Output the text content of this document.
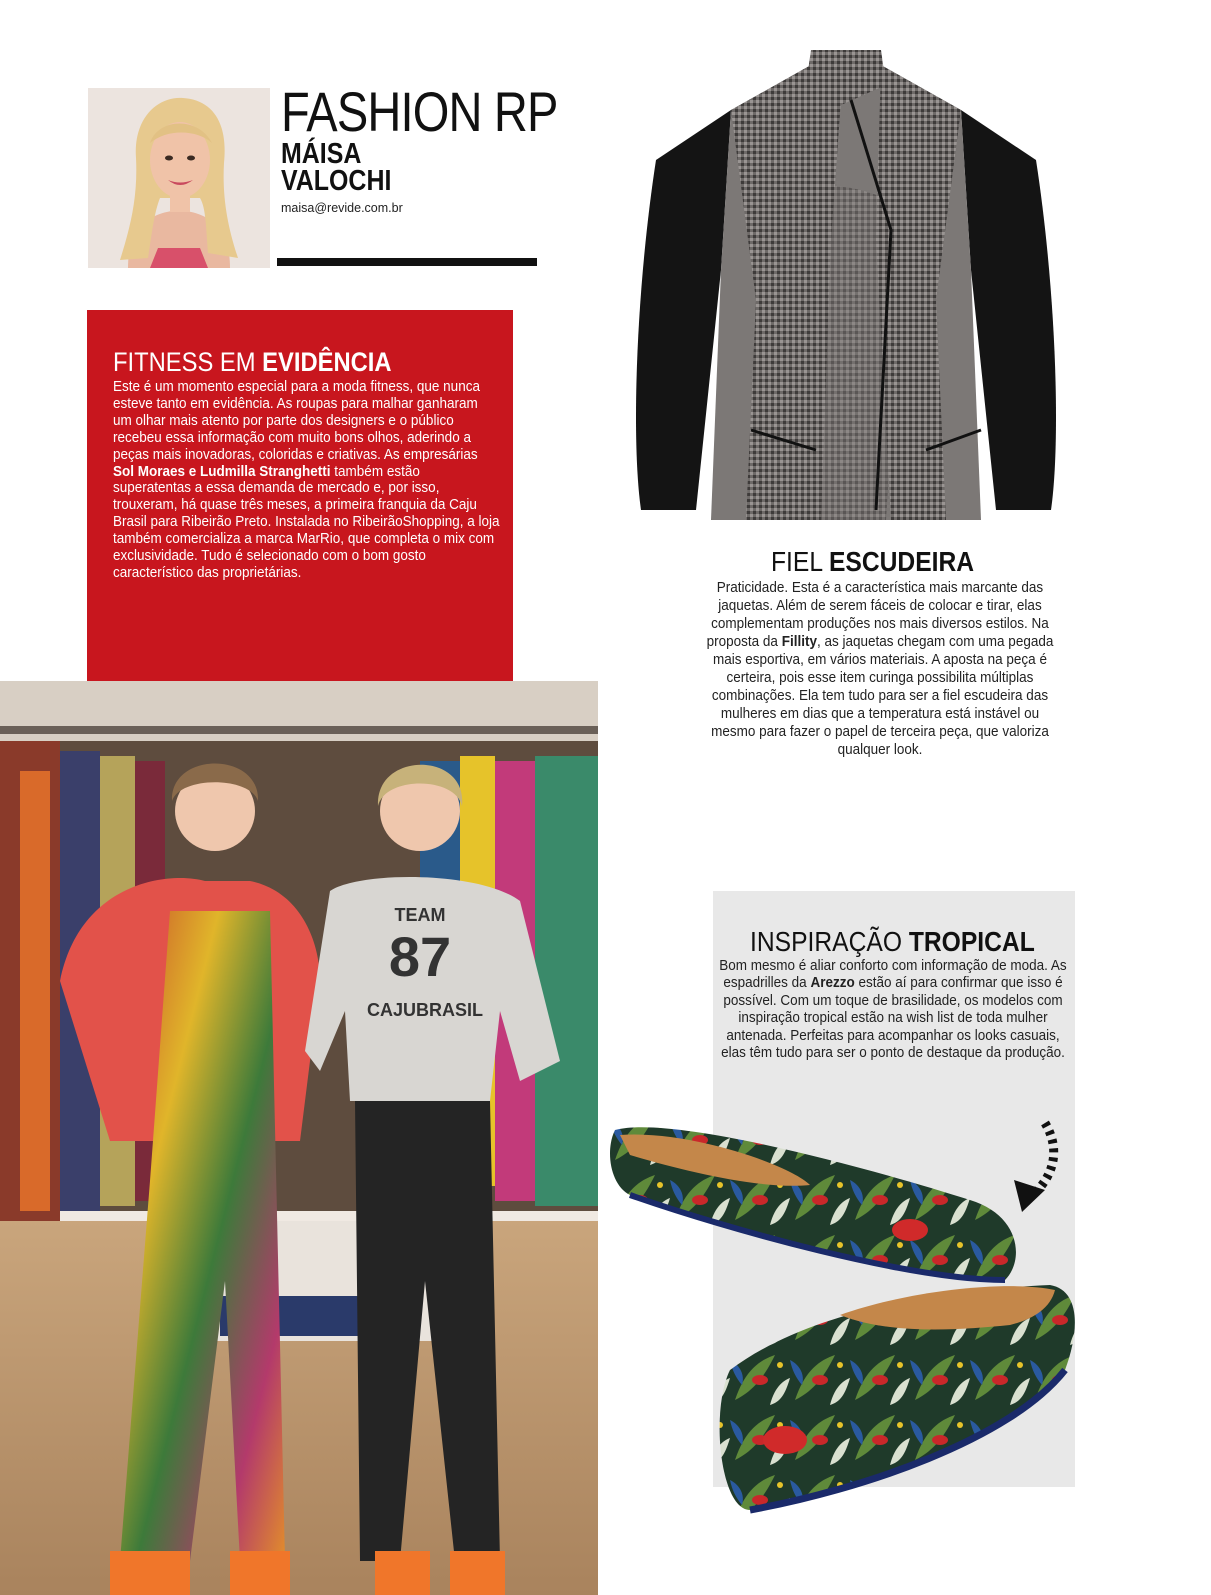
FASHION RP
MÁISA
VALOCHI
maisa@revide.com.br
FITNESS EM EVIDÊNCIA

Este é um momento especial para a moda fitness, que nunca esteve tanto em evidência. As roupas para malhar ganharam um olhar mais atento por parte dos designers e o público recebeu essa informação com muito bons olhos, aderindo a peças mais inovadoras, coloridas e criativas. As empresárias Sol Moraes e Ludmilla Stranghetti também estão superatentas a essa demanda de mercado e, por isso, trouxeram, há quase três meses, a primeira franquia da Caju Brasil para Ribeirão Preto. Instalada no RibeirãoShopping, a loja também comercializa a marca MarRio, que completa o mix com exclusividade. Tudo é selecionado com o bom gosto característico das proprietárias.

TEAM
87
CAJUBRASIL
FIEL ESCUDEIRA

Praticidade. Esta é a característica mais marcante das jaquetas. Além de serem fáceis de colocar e tirar, elas complementam produções nos mais diversos estilos. Na proposta da Fillity, as jaquetas chegam com uma pegada mais esportiva, em vários materiais. A aposta na peça é certeira, pois esse item curinga possibilita múltiplas combinações. Ela tem tudo para ser a fiel escudeira das mulheres em dias que a temperatura está instável ou mesmo para fazer o papel de terceira peça, que valoriza qualquer look.

INSPIRAÇÃO TROPICAL

Bom mesmo é aliar conforto com informação de moda. As espadrilles da Arezzo estão aí para confirmar que isso é possível. Com um toque de brasilidade, os modelos com inspiração tropical estão na wish list de toda mulher antenada. Perfeitas para acompanhar os looks casuais, elas têm tudo para ser o ponto de destaque da produção.
